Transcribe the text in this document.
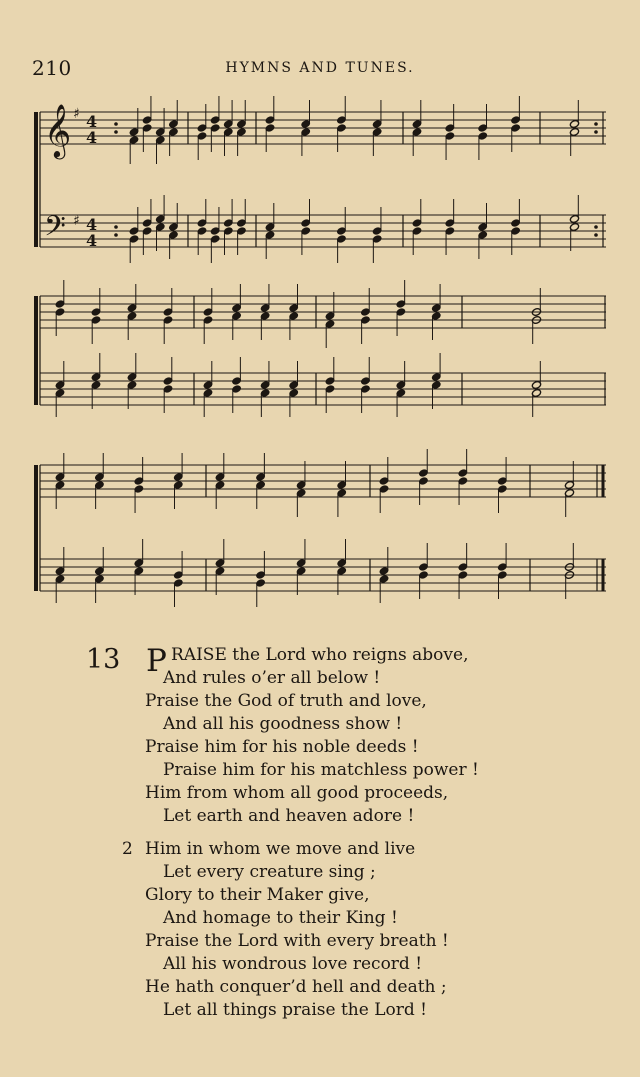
210	HYMNS AND TUNES.
𝄞
𝄢
♯
♯
4
4
4
4
13 P RAISE the Lord who reigns above,
And rules o’er all below !
Praise the God of truth and love,
And all his goodness show !
Praise him for his noble deeds !
Praise him for his matchless power !
Him from whom all good proceeds,
Let earth and heaven adore !
2 Him in whom we move and live
Let every creature sing ;
Glory to their Maker give,
And homage to their King !
Praise the Lord with every breath !
All his wondrous love record !
He hath conquer’d hell and death ;
Let all things praise the Lord !
